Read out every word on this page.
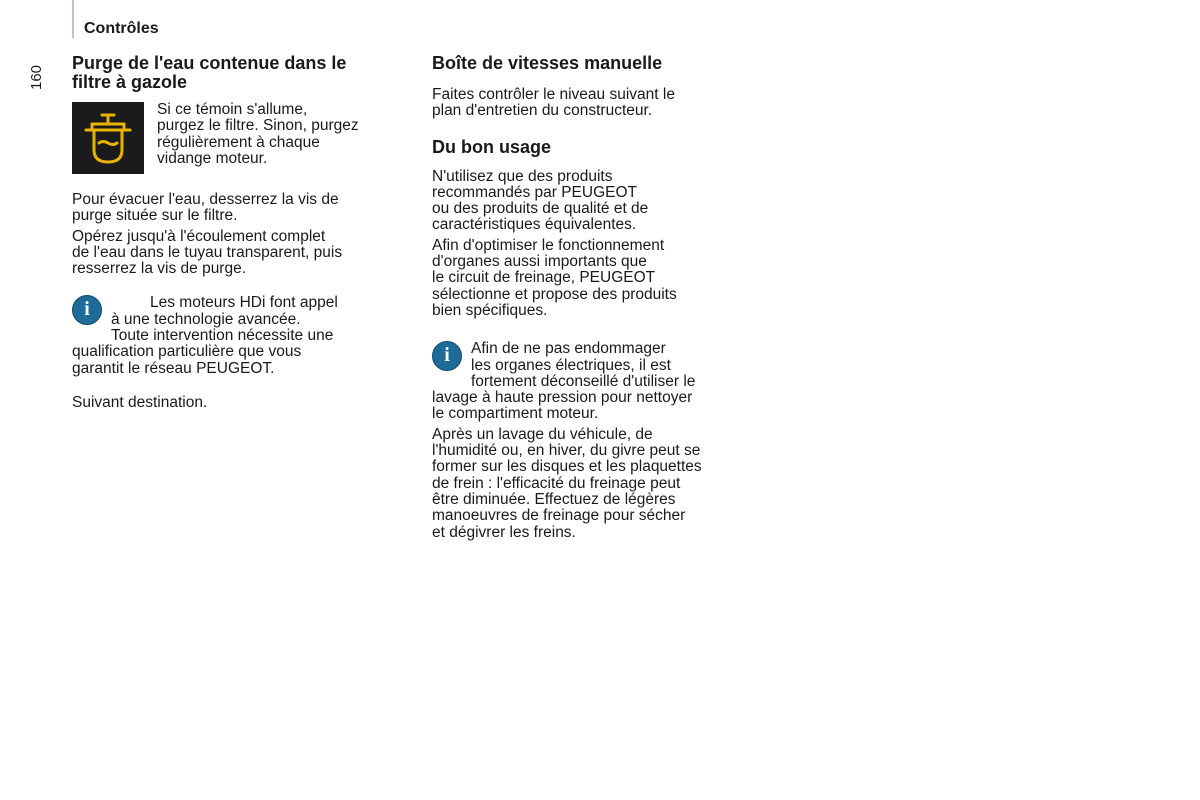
Contrôles
160
Purge de l'eau contenue dans le
filtre à gazole

Si ce témoin s'allume,
purgez le filtre. Sinon, purgez
régulièrement à chaque
vidange moteur.

Pour évacuer l'eau, desserrez la vis de
purge située sur le filtre.

Opérez jusqu'à l'écoulement complet
de l'eau dans le tuyau transparent, puis
resserrez la vis de purge.

i	Les moteurs HDi font appel
à une technologie avancée.
Toute intervention nécessite une
qualification particulière que vous
garantit le réseau PEUGEOT.

Suivant destination.

Boîte de vitesses manuelle

Faites contrôler le niveau suivant le
plan d'entretien du constructeur.

Du bon usage

N'utilisez que des produits
recommandés par PEUGEOT
ou des produits de qualité et de
caractéristiques équivalentes.

Afin d'optimiser le fonctionnement
d'organes aussi importants que
le circuit de freinage, PEUGEOT
sélectionne et propose des produits
bien spécifiques.

i	Afin de ne pas endommager
les organes électriques, il est
fortement déconseillé d'utiliser le
lavage à haute pression pour nettoyer
le compartiment moteur.

Après un lavage du véhicule, de
l'humidité ou, en hiver, du givre peut se
former sur les disques et les plaquettes
de frein : l'efficacité du freinage peut
être diminuée. Effectuez de légères
manoeuvres de freinage pour sécher
et dégivrer les freins.
